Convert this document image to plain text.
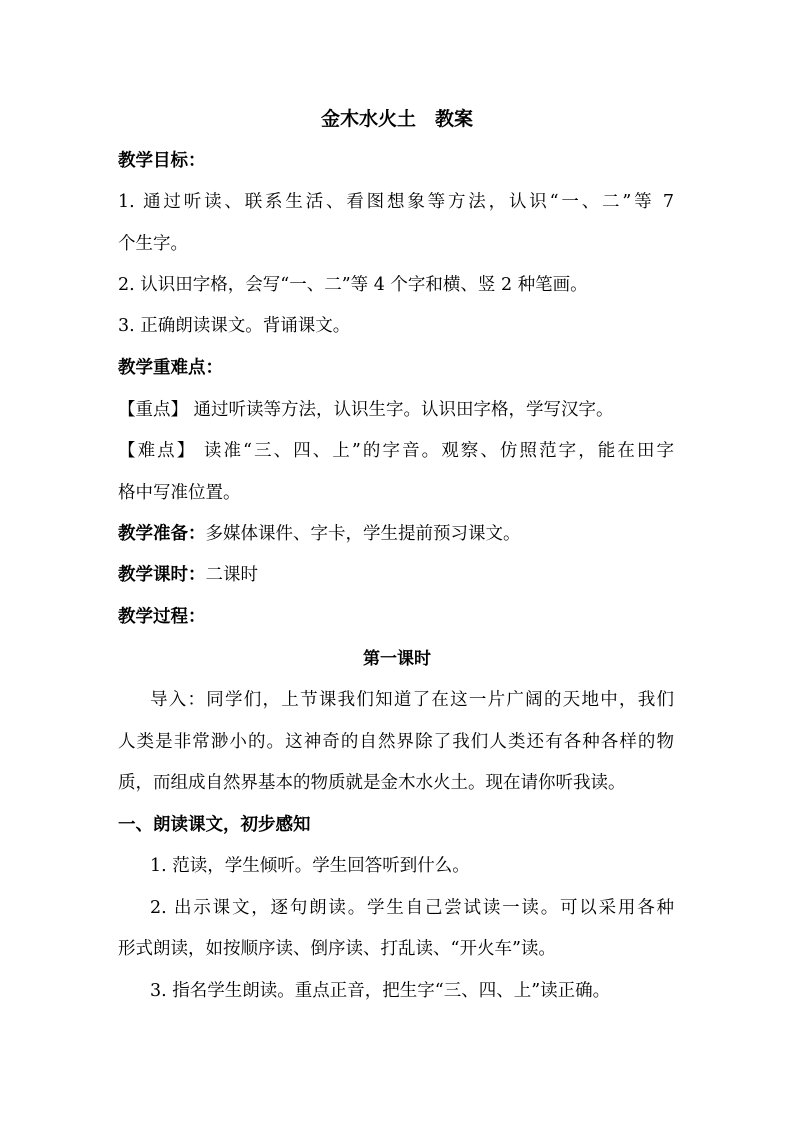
金木水火土　教案
教学目标：
1. 通过听读、联系生活、看图想象等方法，认识“一、二”等 7
个生字。
2. 认识田字格，会写“一、二”等 4 个字和横、竖 2 种笔画。
3. 正确朗读课文。背诵课文。
教学重难点：
【重点】 通过听读等方法，认识生字。认识田字格，学写汉字。
【难点】 读准“三、四、上”的字音。观察、仿照范字，能在田字
格中写准位置。
教学准备：多媒体课件、字卡，学生提前预习课文。
教学课时：二课时
教学过程：
第一课时
导入：同学们，上节课我们知道了在这一片广阔的天地中，我们
人类是非常渺小的。这神奇的自然界除了我们人类还有各种各样的物
质，而组成自然界基本的物质就是金木水火土。现在请你听我读。
一、朗读课文，初步感知
1. 范读，学生倾听。学生回答听到什么。
2. 出示课文，逐句朗读。学生自己尝试读一读。可以采用各种
形式朗读，如按顺序读、倒序读、打乱读、“开火车”读。
3. 指名学生朗读。重点正音，把生字“三、四、上”读正确。
